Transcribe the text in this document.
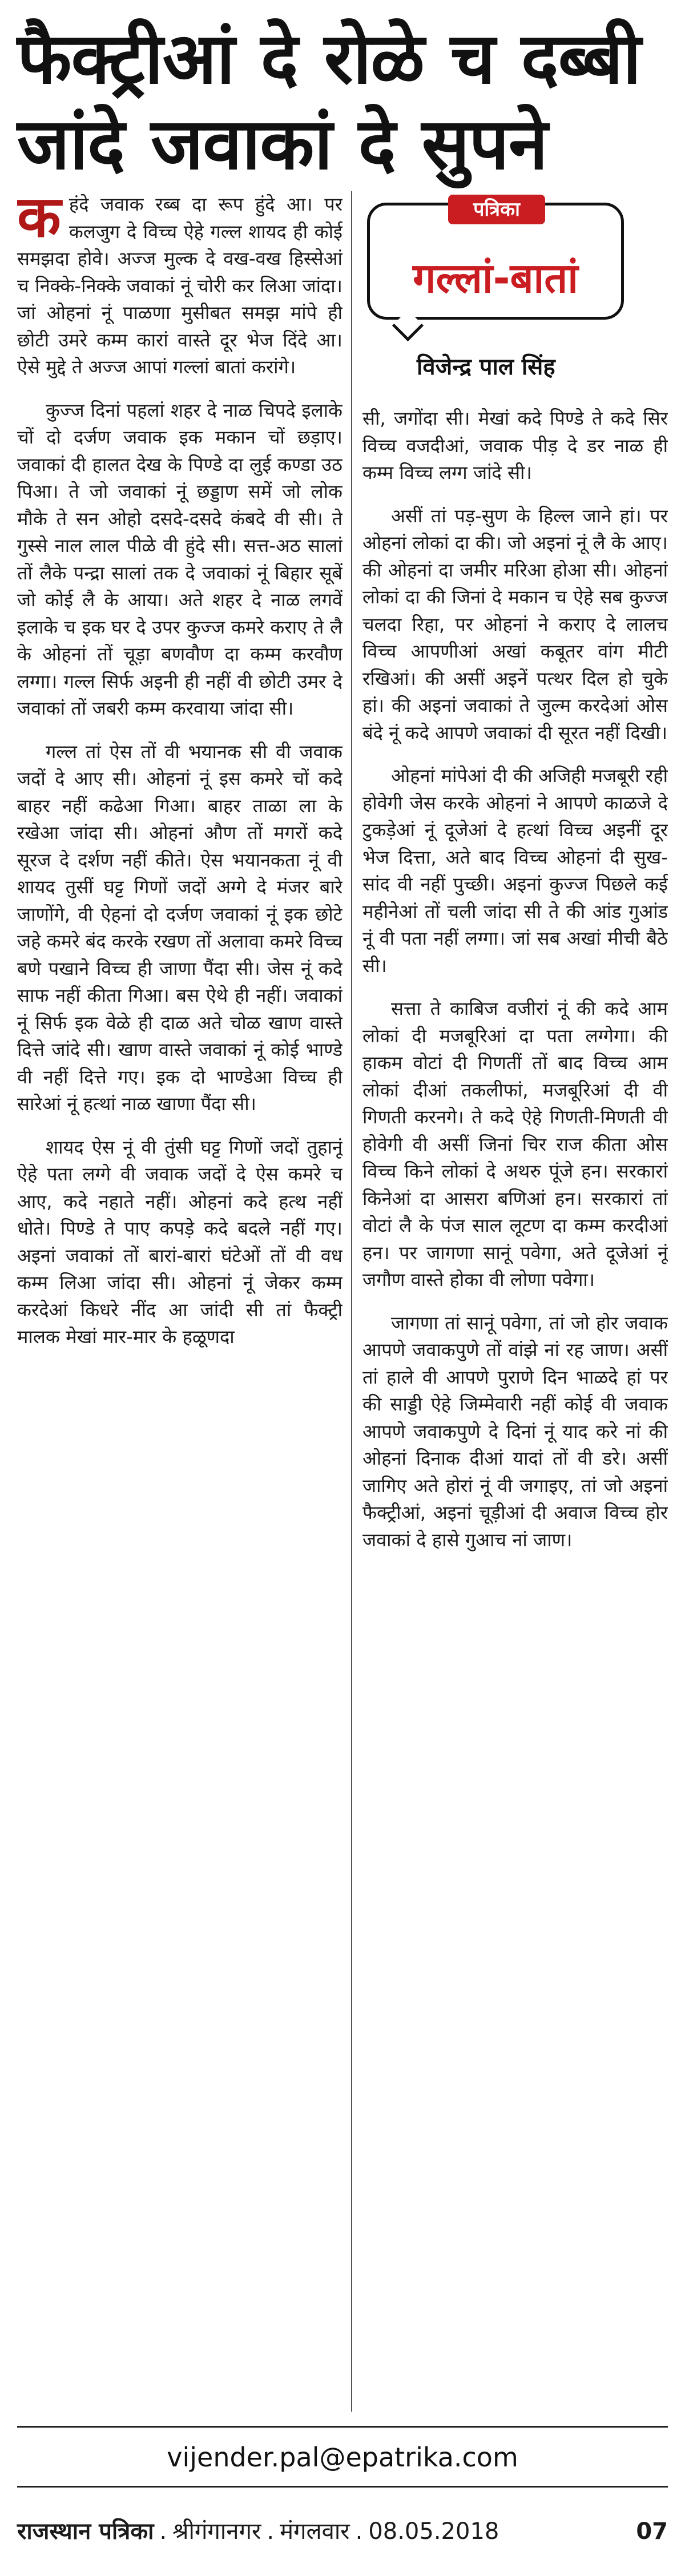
फैक्ट्रीआं दे रोळे च दब्बी
जांदे जवाकां दे सुपने

कहंदे जवाक रब्ब दा रूप हुंदे आ। पर कलजुग दे विच्च ऐहे गल्ल शायद ही कोई समझदा होवे। अज्ज मुल्क दे वख-वख हिस्सेआं च निक्के-निक्के जवाकां नूं चोरी कर लिआ जांदा। जां ओहनां नूं पाळणा मुसीबत समझ मांपे ही छोटी उमरे कम्म कारां वास्ते दूर भेज दिंदे आ। ऐसे मुद्दे ते अज्ज आपां गल्लां बातां करांगे।

कुज्ज दिनां पहलां शहर दे नाळ चिपदे इलाके चों दो दर्जण जवाक इक मकान चों छड़ाए। जवाकां दी हालत देख के पिण्डे दा लुई कण्डा उठ पिआ। ते जो जवाकां नूं छड्डाण समें जो लोक मौके ते सन ओहो दसदे-दसदे कंबदे वी सी। ते गुस्से नाल लाल पीळे वी हुंदे सी। सत्त-अठ सालां तों लैके पन्द्रा सालां तक दे जवाकां नूं बिहार सूबें जो कोई लै के आया। अते शहर दे नाळ लगवें इलाके च इक घर दे उपर कुज्ज कमरे कराए ते लै के ओहनां तों चूड़ा बणवौण दा कम्म करवौण लग्गा। गल्ल सिर्फ अइनी ही नहीं वी छोटी उमर दे जवाकां तों जबरी कम्म करवाया जांदा सी।

गल्ल तां ऐस तों वी भयानक सी वी जवाक जदों दे आए सी। ओहनां नूं इस कमरे चों कदे बाहर नहीं कढेआ गिआ। बाहर ताळा ला के रखेआ जांदा सी। ओहनां औण तों मगरों कदे सूरज दे दर्शण नहीं कीते। ऐस भयानकता नूं वी शायद तुसीं घट्ट गिणों जदों अग्गे दे मंजर बारे जाणोंगे, वी ऐहनां दो दर्जण जवाकां नूं इक छोटे जहे कमरे बंद करके रखण तों अलावा कमरे विच्च बणे पखाने विच्च ही जाणा पैंदा सी। जेस नूं कदे साफ नहीं कीता गिआ। बस ऐथे ही नहीं। जवाकां नूं सिर्फ इक वेळे ही दाळ अते चोळ खाण वास्ते दित्ते जांदे सी। खाण वास्ते जवाकां नूं कोई भाण्डे वी नहीं दित्ते गए। इक दो भाण्डेआ विच्च ही सारेआं नूं हत्थां नाळ खाणा पैंदा सी।

शायद ऐस नूं वी तुंसी घट्ट गिणों जदों तुहानूं ऐहे पता लग्गे वी जवाक जदों दे ऐस कमरे च आए, कदे नहाते नहीं। ओहनां कदे हत्थ नहीं धोते। पिण्डे ते पाए कपड़े कदे बदले नहीं गए। अइनां जवाकां तों बारां-बारां घंटेओं तों वी वध कम्म लिआ जांदा सी। ओहनां नूं जेकर कम्म करदेआं किधरे नींद आ जांदी सी तां फैक्ट्री मालक मेखां मार-मार के हळूणदा

गल्लां-बातां
पत्रिका
विजेन्द्र पाल सिंह

सी, जगोंदा सी। मेखां कदे पिण्डे ते कदे सिर विच्च वजदीआं, जवाक पीड़ दे डर नाळ ही कम्म विच्च लग्ग जांदे सी।

असीं तां पड़-सुण के हिल्ल जाने हां। पर ओहनां लोकां दा की। जो अइनां नूं लै के आए। की ओहनां दा जमीर मरिआ होआ सी। ओहनां लोकां दा की जिनां दे मकान च ऐहे सब कुज्ज चलदा रिहा, पर ओहनां ने कराए दे लालच विच्च आपणीआं अखां कबूतर वांग मीटी रखिआं। की असीं अइनें पत्थर दिल हो चुके हां। की अइनां जवाकां ते जुल्म करदेआं ओस बंदे नूं कदे आपणे जवाकां दी सूरत नहीं दिखी।

ओहनां मांपेआं दी की अजिही मजबूरी रही होवेगी जेस करके ओहनां ने आपणे काळजे दे टुकड़ेआं नूं दूजेआं दे हत्थां विच्च अइनीं दूर भेज दित्ता, अते बाद विच्च ओहनां दी सुख-सांद वी नहीं पुच्छी। अइनां कुज्ज पिछले कई महीनेआं तों चली जांदा सी ते की आंड गुआंड नूं वी पता नहीं लग्गा। जां सब अखां मीची बैठे सी।

सत्ता ते काबिज वजीरां नूं की कदे आम लोकां दी मजबूरिआं दा पता लग्गेगा। की हाकम वोटां दी गिणतीं तों बाद विच्च आम लोकां दीआं तकलीफां, मजबूरिआं दी वी गिणती करनगे। ते कदे ऐहे गिणती-मिणती वी होवेगी वी असीं जिनां चिर राज कीता ओस विच्च किने लोकां दे अथरु पूंजे हन। सरकारां किनेआं दा आसरा बणिआं हन। सरकारां तां वोटां लै के पंज साल लूटण दा कम्म करदीआं हन। पर जागणा सानूं पवेगा, अते दूजेआं नूं जगौण वास्ते होका वी लोणा पवेगा।

जागणा तां सानूं पवेगा, तां जो होर जवाक आपणे जवाकपुणे तों वांझे नां रह जाण। असीं तां हाले वी आपणे पुराणे दिन भाळदे हां पर की साड्डी ऐहे जिम्मेवारी नहीं कोई वी जवाक आपणे जवाकपुणे दे दिनां नूं याद करे नां की ओहनां दिनाक दीआं यादां तों वी डरे। असीं जागिए अते होरां नूं वी जगाइए, तां जो अइनां फैक्ट्रीआं, अइनां चूड़ीआं दी अवाज विच्च होर जवाकां दे हासे गुआच नां जाण।

vijender.pal@epatrika.com
राजस्थान पत्रिका . श्रीगंगानगर . मंगलवार . 08.05.2018	07
